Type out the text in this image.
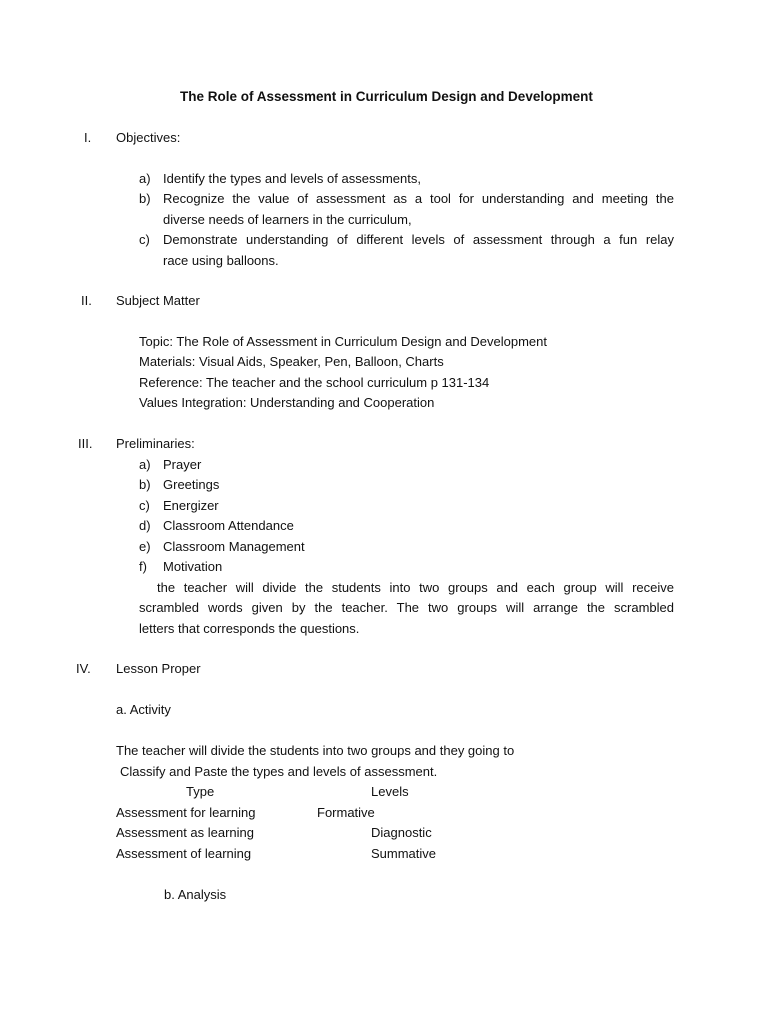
The Role of Assessment in Curriculum Design and Development
I. Objectives:
a) Identify the types and levels of assessments,
b) Recognize the value of assessment as a tool for understanding and meeting the
diverse needs of learners in the curriculum,
c) Demonstrate understanding of different levels of assessment through a fun relay
race using balloons.
II. Subject Matter
Topic: The Role of Assessment in Curriculum Design and Development
Materials: Visual Aids, Speaker, Pen, Balloon, Charts
Reference: The teacher and the school curriculum p 131-134
Values Integration: Understanding and Cooperation
III. Preliminaries:
a) Prayer
b) Greetings
c) Energizer
d) Classroom Attendance
e) Classroom Management
f) Motivation
the teacher will divide the students into two groups and each group will receive
scrambled words given by the teacher. The two groups will arrange the scrambled
letters that corresponds the questions.
IV. Lesson Proper
a. Activity
The teacher will divide the students into two groups and they going to
Classify and Paste the types and levels of assessment.
Type	Levels
Assessment for learning	Formative
Assessment as learning	Diagnostic
Assessment of learning	Summative
b. Analysis
